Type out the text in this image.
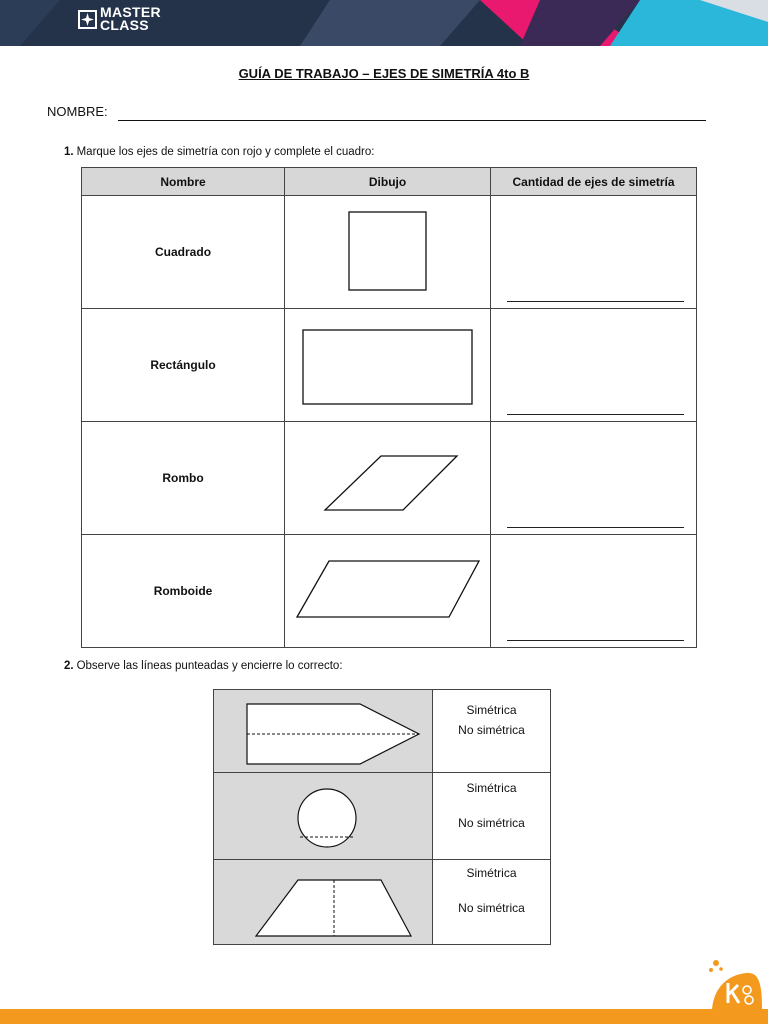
MASTER
CLASS
GUÍA DE TRABAJO – EJES DE SIMETRÍA 4to B
NOMBRE:
1. Marque los ejes de simetría con rojo y complete el cuadro:
Nombre	Dibujo	Cantidad de ejes de simetría
Cuadrado	

Rectángulo	

Rombo	

Romboide	

2. Observe las líneas punteadas y encierre lo correcto:

Simétrica
No simétrica

Simétrica
No simétrica

Simétrica
No simétrica
